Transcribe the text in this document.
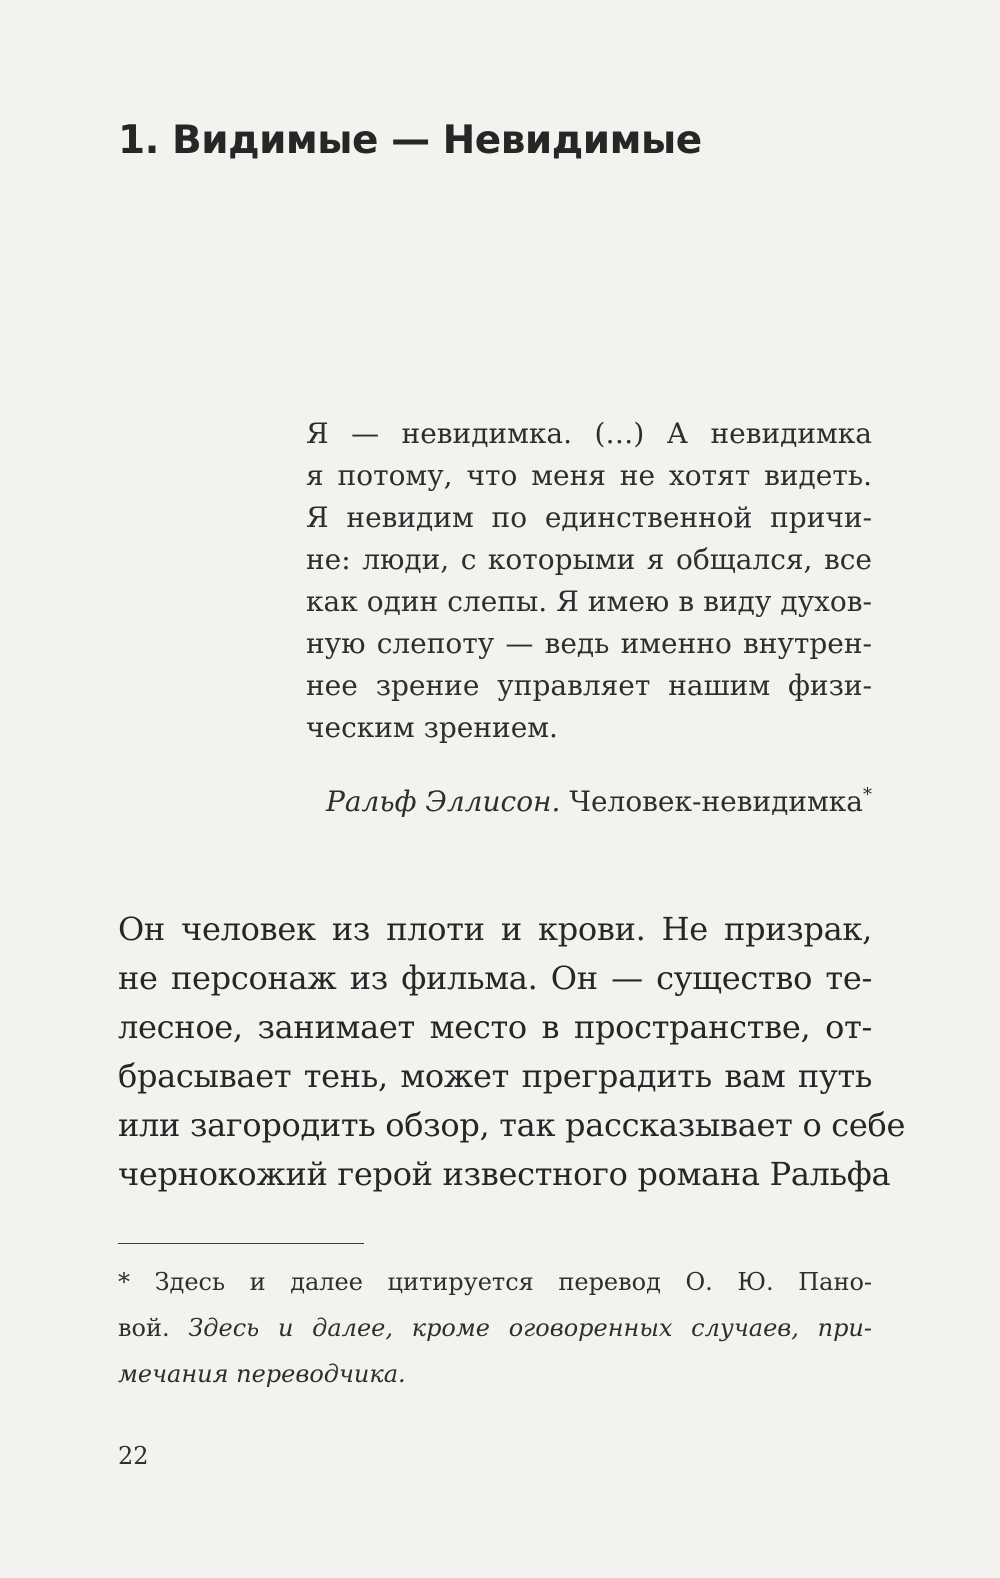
1. Видимые — Невидимые
Я — невидимка. (…) А невидимка
я потому, что меня не хотят видеть.
Я невидим по единственной причи-
не: люди, с которыми я общался, все
как один слепы. Я имею в виду духов-
ную слепоту — ведь именно внутрен-
нее зрение управляет нашим физи-
ческим зрением.
Ральф Эллисон. Человек-невидимка*
Он человек из плоти и крови. Не призрак,
не персонаж из фильма. Он — существо те-
лесное, занимает место в пространстве, от-
брасывает тень, может преградить вам путь
или загородить обзор, так рассказывает о себе
чернокожий герой известного романа Ральфа
* Здесь и далее цитируется перевод О. Ю. Пано-
вой. Здесь и далее, кроме оговоренных случаев, при-
мечания переводчика.
22
